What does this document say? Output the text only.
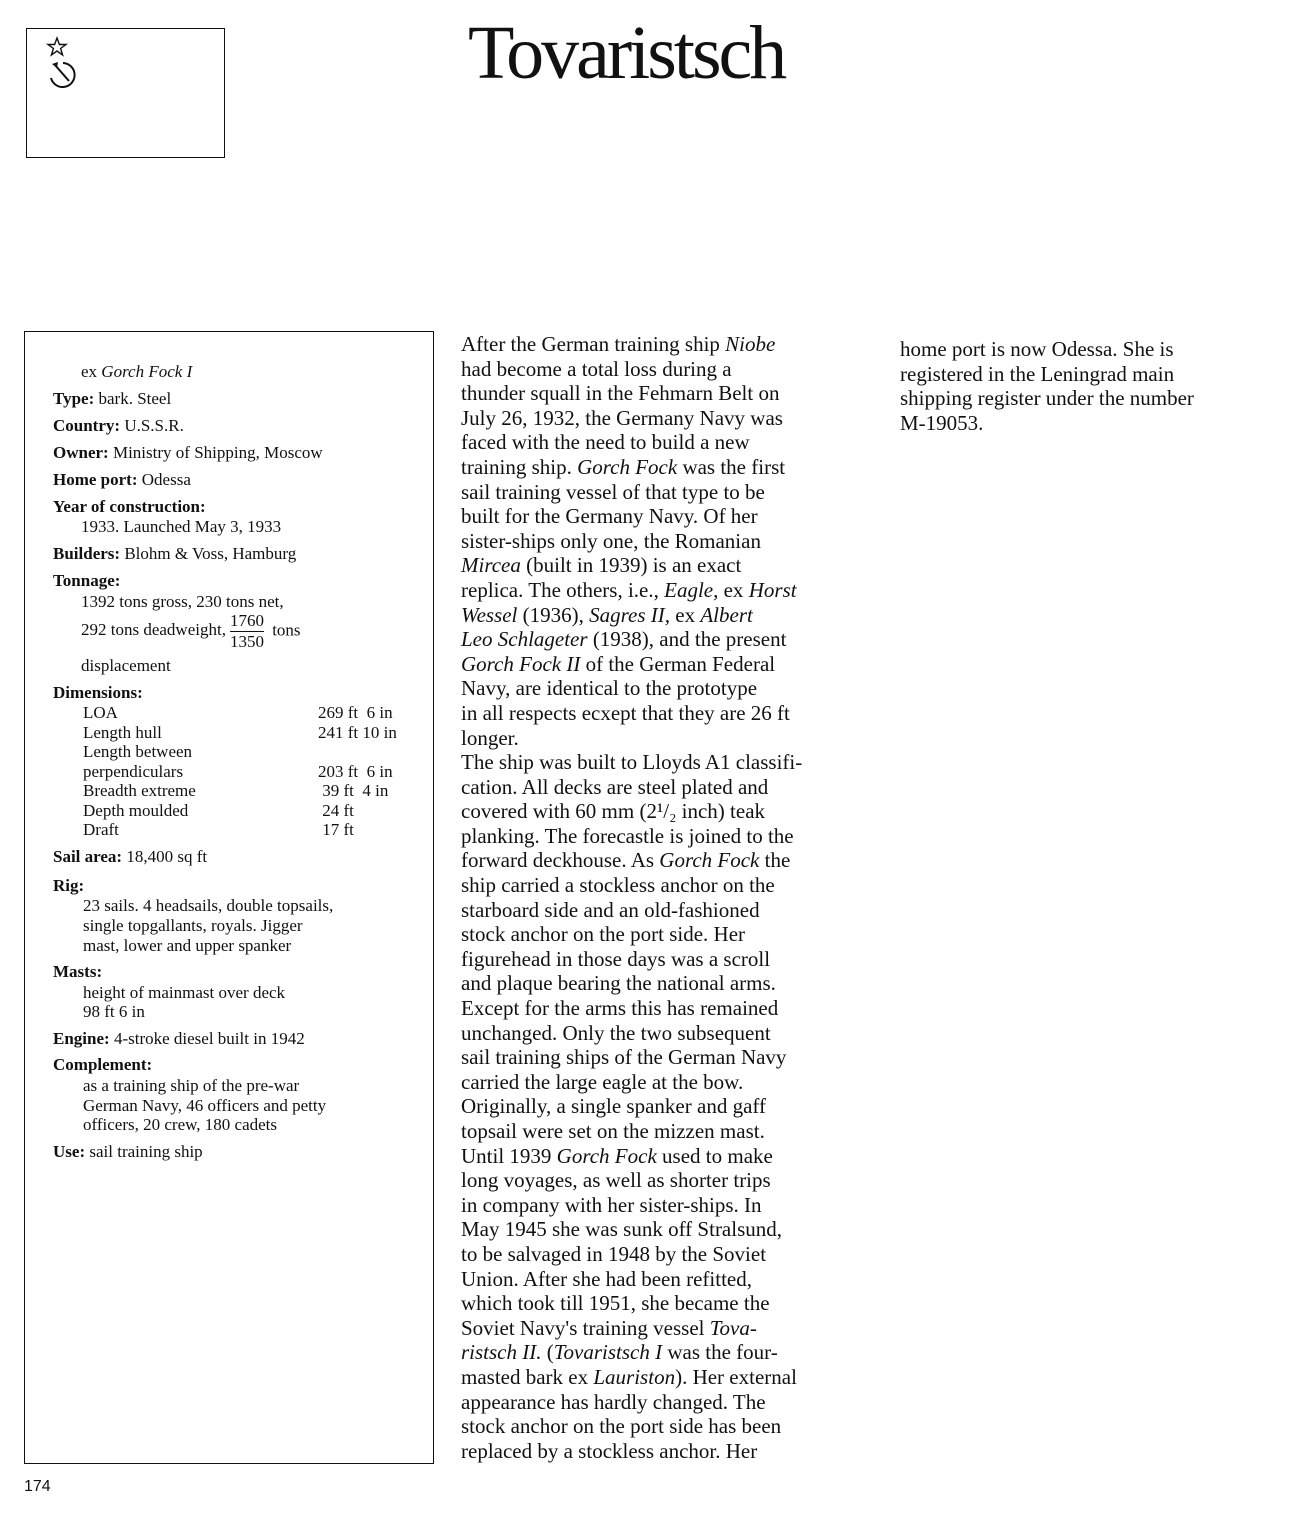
Tovaristsch
ex Gorch Fock I
Type: bark. Steel
Country: U.S.S.R.
Owner: Ministry of Shipping, Moscow
Home port: Odessa
Year of construction:
1933. Launched May 3, 1933
Builders: Blohm & Voss, Hamburg
Tonnage:
1392 tons gross, 230 tons net,
292 tons deadweight, $\frac{1760}{1350}$ tons
displacement
Dimensions:
LOA	269 ft  6 in
Length hull	241 ft 10 in
Length between
perpendiculars	203 ft  6 in
Breadth extreme	39 ft  4 in
Depth moulded	24 ft
Draft	17 ft
Sail area: 18,400 sq ft
Rig:
23 sails. 4 headsails, double topsails,
single topgallants, royals. Jigger
mast, lower and upper spanker
Masts:
height of mainmast over deck
98 ft 6 in
Engine: 4-stroke diesel built in 1942
Complement:
as a training ship of the pre-war
German Navy, 46 officers and petty
officers, 20 crew, 180 cadets
Use: sail training ship

After the German training ship Niobe

had become a total loss during a

thunder squall in the Fehmarn Belt on

July 26, 1932, the Germany Navy was

faced with the need to build a new

training ship. Gorch Fock was the first

sail training vessel of that type to be

built for the Germany Navy. Of her

sister-ships only one, the Romanian

Mircea (built in 1939) is an exact

replica. The others, i.e., Eagle, ex Horst

Wessel (1936), Sagres II, ex Albert

Leo Schlageter (1938), and the present

Gorch Fock II of the German Federal

Navy, are identical to the prototype

in all respects ecxept that they are 26 ft

longer.

The ship was built to Lloyds A1 classifi-

cation. All decks are steel plated and

covered with 60 mm (2¹/₂ inch) teak

planking. The forecastle is joined to the

forward deckhouse. As Gorch Fock the

ship carried a stockless anchor on the

starboard side and an old-fashioned

stock anchor on the port side. Her

figurehead in those days was a scroll

and plaque bearing the national arms.

Except for the arms this has remained

unchanged. Only the two subsequent

sail training ships of the German Navy

carried the large eagle at the bow.

Originally, a single spanker and gaff

topsail were set on the mizzen mast.

Until 1939 Gorch Fock used to make

long voyages, as well as shorter trips

in company with her sister-ships. In

May 1945 she was sunk off Stralsund,

to be salvaged in 1948 by the Soviet

Union. After she had been refitted,

which took till 1951, she became the

Soviet Navy's training vessel Tova-

ristsch II. (Tovaristsch I was the four-

masted bark ex Lauriston). Her external

appearance has hardly changed. The

stock anchor on the port side has been

replaced by a stockless anchor. Her

home port is now Odessa. She is

registered in the Leningrad main

shipping register under the number

M-19053.

174
